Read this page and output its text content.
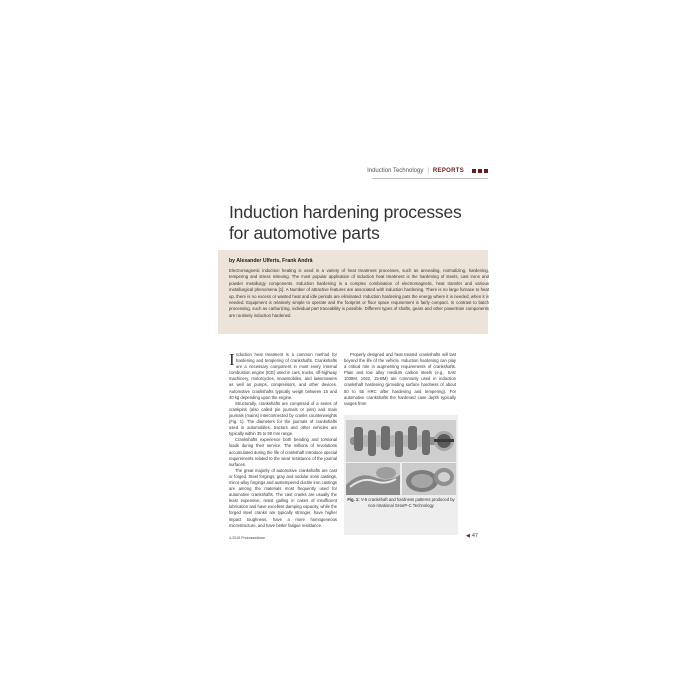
Induction Technology | REPORTS
Induction hardening processes
for automotive parts
by Alexander Ulferts, Frank Andrä
Electromagnetic induction heating is used in a variety of heat treatment processes, such as annealing, normalizing, hardening, tempering and stress relieving. The most popular application of induction heat treatment is the hardening of steels, cast irons and powder metallurgy components. Induction hardening is a complex combination of electromagnetic, heat transfer and various metallurgical phenomena [1]. A Number of attractive features are associated with induction hardening. There is no large furnace to heat up, there is no excess or wasted heat and idle periods are eliminated. Induction hardening puts the energy where it is needed, when it is needed. Equipment is relatively simple to operate and the footprint or floor space requirement is fairly compact. In contrast to batch processing, such as carburizing, individual part traceability is possible. Different types of shafts, gears and other powertrain components are routinely induction hardened.

Induction heat treatment is a common method for hardening and tempering of crankshafts. Crankshafts are a necessary component in most every internal combustion engine (ICE) used in cars, trucks, off-highway machinery, motorcycles, snowmobiles, and lawnmowers as well as pumps, compressors, and other devices. Automotive crankshafts typically weigh between 15 and 40 kg depending upon the engine.

Structurally, crankshafts are comprised of a series of crankpins (also called pin journals or pins) and main journals (mains) interconnected by cranks counterweights (Fig. 1). The diameters for the journals of crankshafts used in automobiles, tractors and other vehicles are typically within 35 to 90 mm range.

Crankshafts experience both bending and torsional loads during their service. The millions of revolutions accumulated during the life of crankshaft introduce special requirements related to the wear resistance of the journal surfaces.

The great majority of automotive crankshafts are cast or forged. Steel forgings, gray and nodular irons castings, micro-alloy forgings and austempered ductile iron castings are among the materials most frequently used for automotive crankshafts. The cast cranks are usually the least expensive, resist galling in cases of insufficient lubrication and have excellent damping capacity, while the forged steel cranks are typically stronger, have higher impact toughness, have a more homogeneous microstructure, and have better fatigue resistance.

Properly designed and heat treated crankshafts will last beyond the life of the vehicle. Induction hardening can play a critical role in augmenting requirements of crankshafts. Plain and low alloy medium carbon steels (e.g., SAE 1038M, 1042, 15-BM) are commonly used in induction crankshaft hardening (providing surface hardness of about 50 to 55 HRC after hardening and tempering). For automotive crankshafts the hardened case depth typically ranges from

Fig. 1: V-6 crankshaft and hardness patterns produced by non-rotational SHarP-C Technology
4-2015 Prozesswärme	◀ 47
